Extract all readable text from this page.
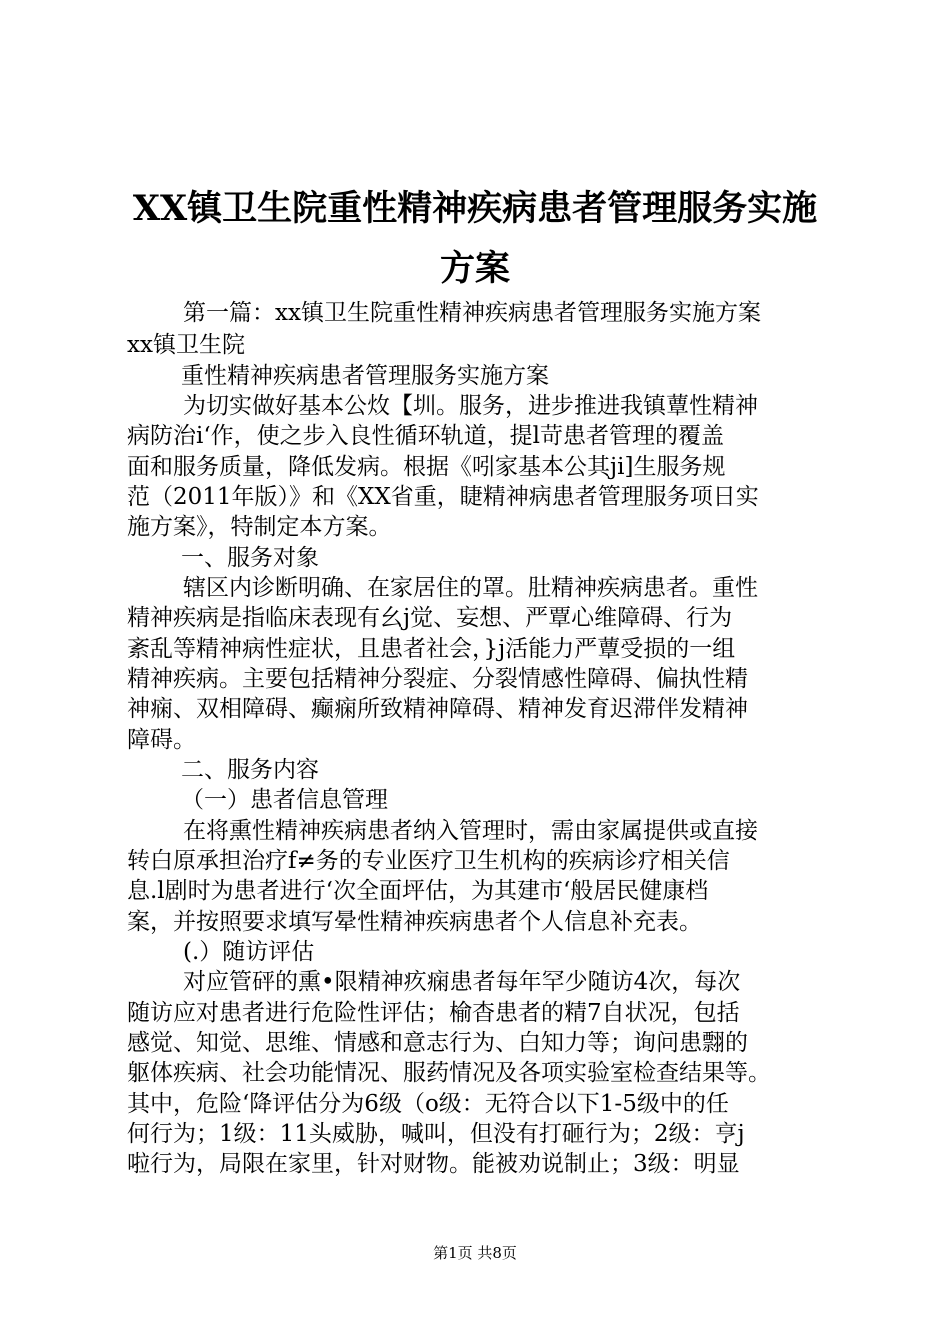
XX镇卫生院重性精神疾病患者管理服务实施
方案
第一篇：xx镇卫生院重性精神疾病患者管理服务实施方案
xx镇卫生院
重性精神疾病患者管理服务实施方案
为切实做好基本公炇【圳。服务，进步推进我镇蕈性精神
病防治i‘作，使之步入良性循环轨道，提l苛患者管理的覆盖
面和服务质量，降低发病。根据《吲家基本公其ji]生服务规
范（2011年版）》和《XX省重，睫精神病患者管理服务项日实
施方案》，特制定本方案。
一、服务对象
辖区内诊断明确、在家居住的罩。肚精神疾病患者。重性
精神疾病是指临床表现有幺j觉、妄想、严覃心维障碍、行为
紊乱等精神病性症状，且患者社会，}j活能力严蕈受损的一组
精神疾病。主要包括精神分裂症、分裂情感性障碍、偏执性精
神痫、双相障碍、癫痫所致精神障碍、精神发育迟滞伴发精神
障碍。
二、服务内容
（一）患者信息管理
在将熏性精神疾病患者纳入管理时，需由家属提供或直接
转白原承担治疗f≠务的专业医疗卫生机构的疾病诊疗相关信
息.l剧时为患者进行‘次全面坪估，为其建市‘般居民健康档
案，并按照要求填写晕性精神疾病患者个人信息补充表。
(.）随访评估
对应管砰的熏•限精神疚痫患者每年罕少随访4次，每次
随访应对患者进行危险性评估；榆杳患者的精7自状况，包括
感觉、知觉、思维、情感和意志行为、白知力等；询问患翲的
躯体疾病、社会功能情况、服药情况及各项实验室检查结果等。
其中，危险‘降评估分为6级（o级：无符合以下1-5级中的任
何行为；1级：11头威胁，喊叫，但没有打砸行为；2级：亨j
啦行为，局限在家里，针对财物。能被劝说制止；3级：明显
第1页 共8页
